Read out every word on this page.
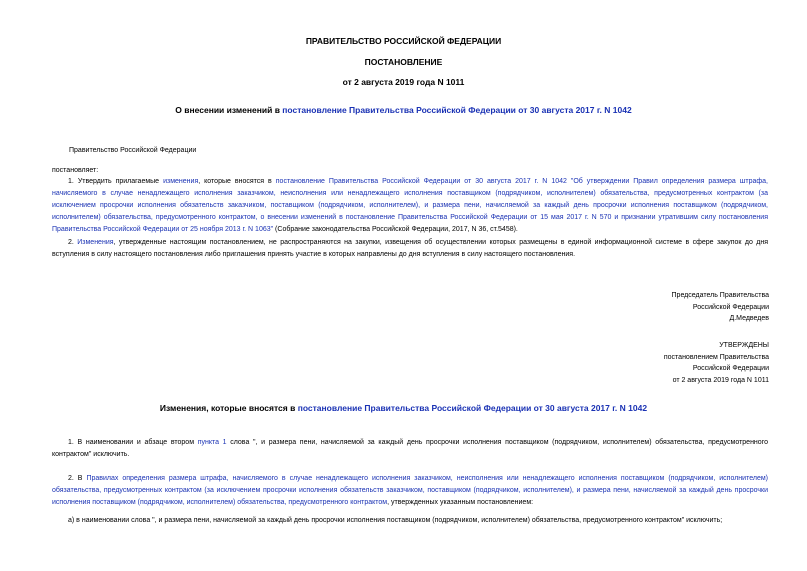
ПРАВИТЕЛЬСТВО РОССИЙСКОЙ ФЕДЕРАЦИИ
ПОСТАНОВЛЕНИЕ
от 2 августа 2019 года N 1011
О внесении изменений в постановление Правительства Российской Федерации от 30 августа 2017 г. N 1042
Правительство Российской Федерации
постановляет:
1. Утвердить прилагаемые изменения, которые вносятся в постановление Правительства Российской Федерации от 30 августа 2017 г. N 1042 "Об утверждении Правил определения размера штрафа, начисляемого в случае ненадлежащего исполнения заказчиком, неисполнения или ненадлежащего исполнения поставщиком (подрядчиком, исполнителем) обязательства, предусмотренных контрактом (за исключением просрочки исполнения обязательств заказчиком, поставщиком (подрядчиком, исполнителем), и размера пени, начисляемой за каждый день просрочки исполнения поставщиком (подрядчиком, исполнителем) обязательства, предусмотренного контрактом, о внесении изменений в постановление Правительства Российской Федерации от 15 мая 2017 г. N 570 и признании утратившим силу постановления Правительства Российской Федерации от 25 ноября 2013 г. N 1063" (Собрание законодательства Российской Федерации, 2017, N 36, ст.5458).
2. Изменения, утвержденные настоящим постановлением, не распространяются на закупки, извещения об осуществлении которых размещены в единой информационной системе в сфере закупок до дня вступления в силу настоящего постановления либо приглашения принять участие в которых направлены до дня вступления в силу настоящего постановления.
Председатель Правительства
Российской Федерации
Д.Медведев
УТВЕРЖДЕНЫ
постановлением Правительства
Российской Федерации
от 2 августа 2019 года N 1011
Изменения, которые вносятся в постановление Правительства Российской Федерации от 30 августа 2017 г. N 1042
1. В наименовании и абзаце втором пункта 1 слова ", и размера пени, начисляемой за каждый день просрочки исполнения поставщиком (подрядчиком, исполнителем) обязательства, предусмотренного контрактом" исключить.
2. В Правилах определения размера штрафа, начисляемого в случае ненадлежащего исполнения заказчиком, неисполнения или ненадлежащего исполнения поставщиком (подрядчиком, исполнителем) обязательства, предусмотренных контрактом (за исключением просрочки исполнения обязательств заказчиком, поставщиком (подрядчиком, исполнителем), и размера пени, начисляемой за каждый день просрочки исполнения поставщиком (подрядчиком, исполнителем) обязательства, предусмотренного контрактом, утвержденных указанным постановлением:
а) в наименовании слова ", и размера пени, начисляемой за каждый день просрочки исполнения поставщиком (подрядчиком, исполнителем) обязательства, предусмотренного контрактом" исключить;
